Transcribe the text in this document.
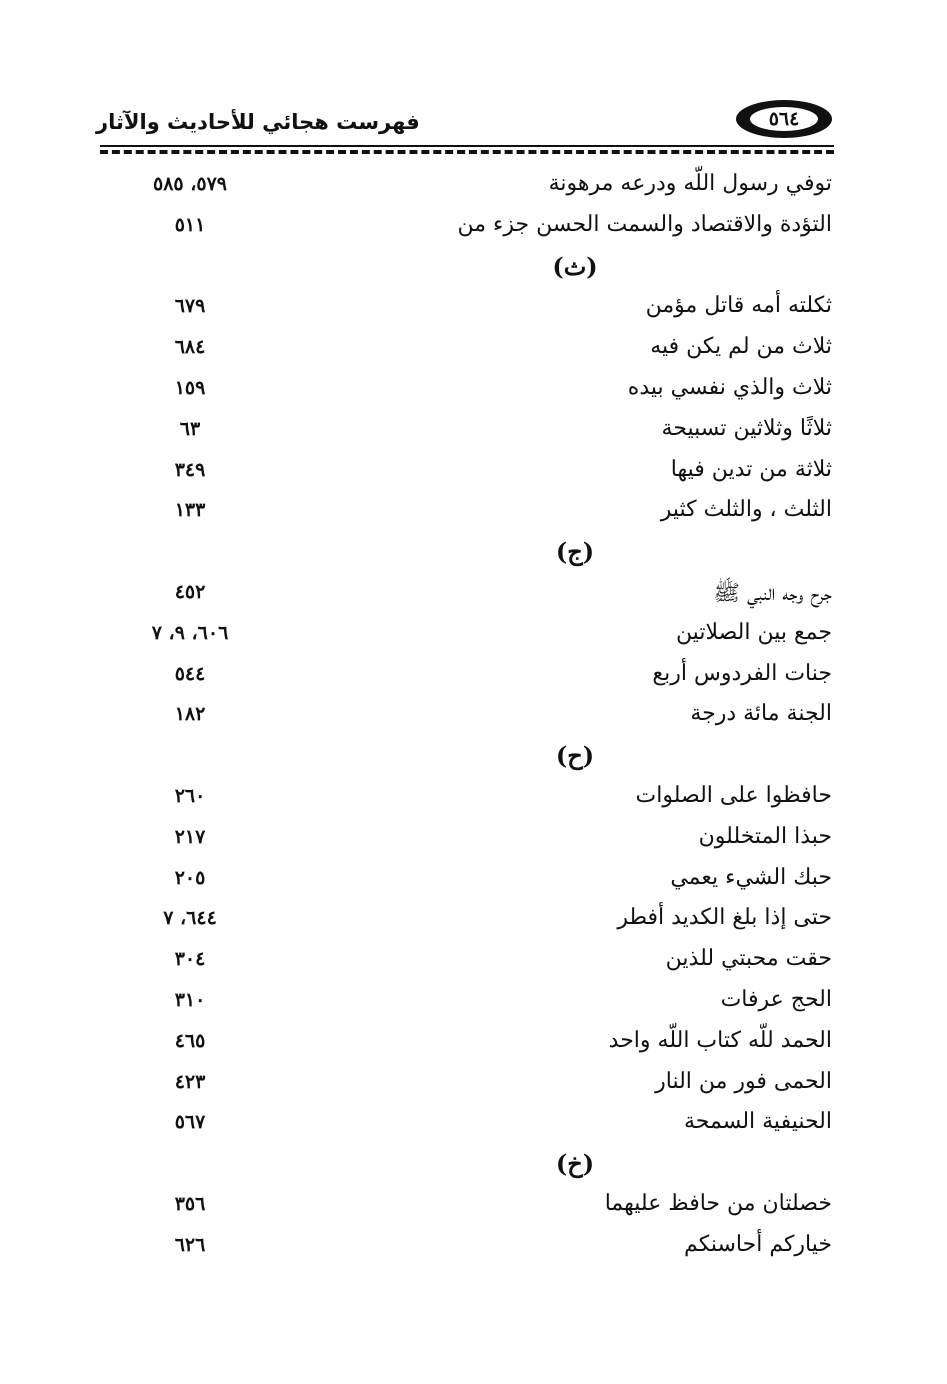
فهرست هجائي للأحاديث والآثار	٥٦٤
توفي رسول اللّه ودرعه مرهونة
٥٧٩، ٥٨٥
التؤدة والاقتصاد والسمت الحسن جزء من
٥١١
(ث)
ثكلته أمه قاتل مؤمن
٦٧٩
ثلاث من لم يكن فيه
٦٨٤
ثلاث والذي نفسي بيده
١٥٩
ثلاثًا وثلاثين تسبيحة
٦٣
ثلاثة من تدين فيها
٣٤٩
الثلث ، والثلث كثير
١٣٣
(ج)
جرح وجه النبي ﷺ
٤٥٢
جمع بين الصلاتين
٦٠٦، ٩، ٧
جنات الفردوس أربع
٥٤٤
الجنة مائة درجة
١٨٢
(ح)
حافظوا على الصلوات
٢٦٠
حبذا المتخللون
٢١٧
حبك الشيء يعمي
٢٠٥
حتى إذا بلغ الكديد أفطر
٦٤٤، ٧
حقت محبتي للذين
٣٠٤
الحج عرفات
٣١٠
الحمد للّه كتاب اللّه واحد
٤٦٥
الحمى فور من النار
٤٢٣
الحنيفية السمحة
٥٦٧
(خ)
خصلتان من حافظ عليهما
٣٥٦
خياركم أحاسنكم
٦٢٦
